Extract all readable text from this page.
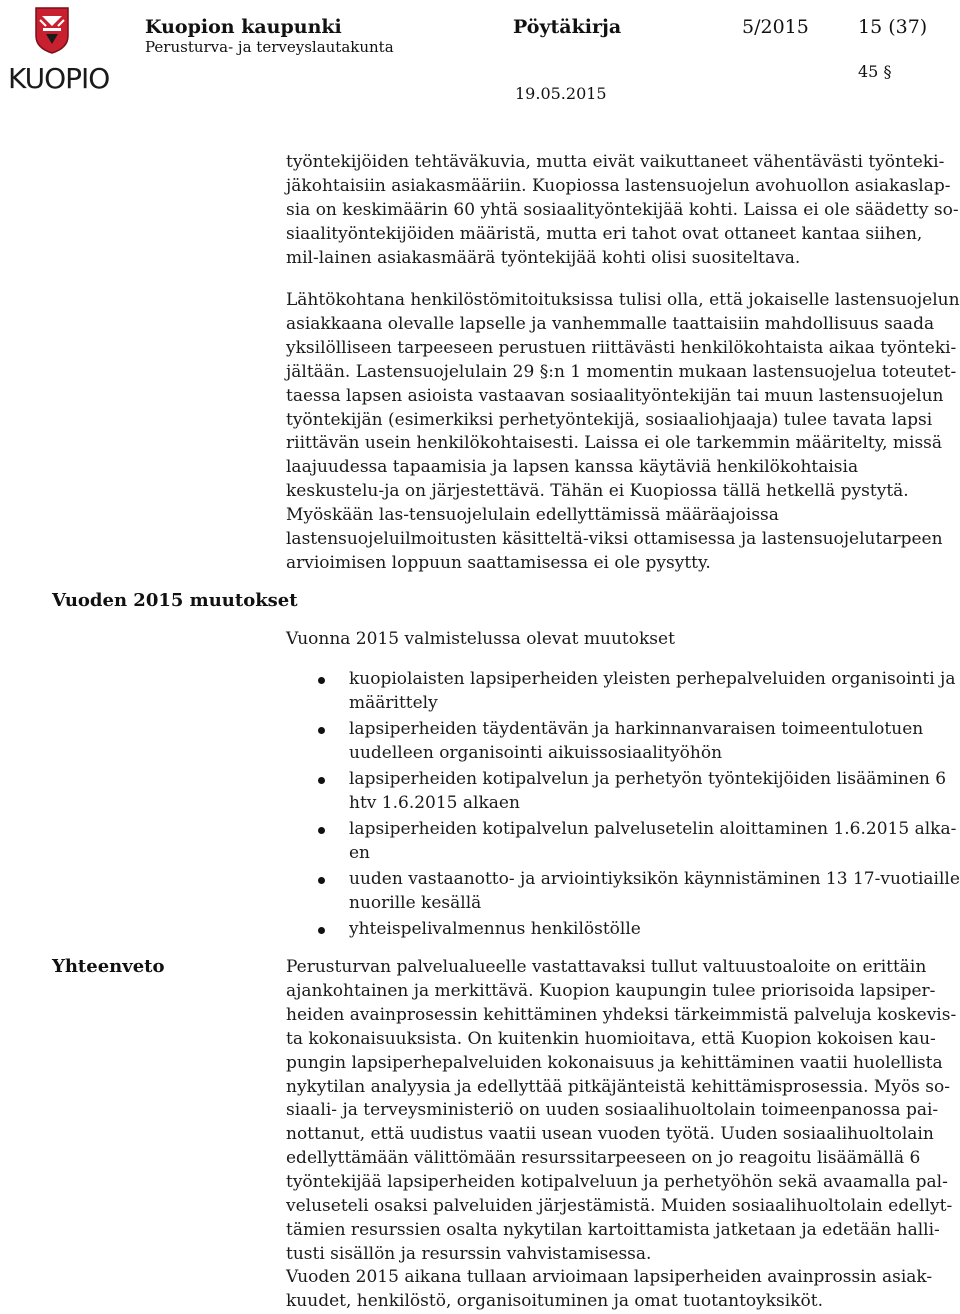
KUOPIO
Kuopion kaupunki
Perusturva- ja terveyslautakunta
Pöytäkirja	5/2015	15 (37)
45 §
19.05.2015

työntekijöiden tehtäväkuvia, mutta eivät vaikuttaneet vähentävästi työnteki-jäkohtaisiin asiakasmääriin. Kuopiossa lastensuojelun avohuollon asiakaslap-sia on keskimäärin 60 yhtä sosiaalityöntekijää kohti. Laissa ei ole säädetty so-siaalityöntekijöiden määristä, mutta eri tahot ovat ottaneet kantaa siihen, mil-lainen asiakasmäärä työntekijää kohti olisi suositeltava.

Lähtökohtana henkilöstömitoituksissa tulisi olla, että jokaiselle lastensuojelun asiakkaana olevalle lapselle ja vanhemmalle taattaisiin mahdollisuus saada yksilölliseen tarpeeseen perustuen riittävästi henkilökohtaista aikaa työnteki-jältään. Lastensuojelulain 29 §:n 1 momentin mukaan lastensuojelua toteutet-taessa lapsen asioista vastaavan sosiaalityöntekijän tai muun lastensuojelun työntekijän (esimerkiksi perhetyöntekijä, sosiaaliohjaaja) tulee tavata lapsi riittävän usein henkilökohtaisesti. Laissa ei ole tarkemmin määritelty, missä laajuudessa tapaamisia ja lapsen kanssa käytäviä henkilökohtaisia keskustelu-ja on järjestettävä. Tähän ei Kuopiossa tällä hetkellä pystytä. Myöskään las-tensuojelulain edellyttämissä määräajoissa lastensuojeluilmoitusten käsitteltä-viksi ottamisessa ja lastensuojelutarpeen arvioimisen loppuun saattamisessa ei ole pysytty.

Vuoden 2015 muutokset

Vuonna 2015 valmistelussa olevat muutokset

kuopiolaisten lapsiperheiden yleisten perhepalveluiden organisointi ja määrittely
lapsiperheiden täydentävän ja harkinnanvaraisen toimeentulotuen uudelleen organisointi aikuissosiaalityöhön
lapsiperheiden kotipalvelun ja perhetyön työntekijöiden lisääminen 6 htv 1.6.2015 alkaen
lapsiperheiden kotipalvelun palvelusetelin aloittaminen 1.6.2015 alka-en
uuden vastaanotto- ja arviointiyksikön käynnistäminen 13 17-vuotiaille nuorille kesällä
yhteispelivalmennus henkilöstölle
Yhteenveto	Perusturvan palvelualueelle vastattavaksi tullut valtuustoaloite on erittäin ajankohtainen ja merkittävä. Kuopion kaupungin tulee priorisoida lapsiper-heiden avainprosessin kehittäminen yhdeksi tärkeimmistä palveluja koskevis-ta kokonaisuuksista. On kuitenkin huomioitava, että Kuopion kokoisen kau-pungin lapsiperhepalveluiden kokonaisuus ja kehittäminen vaatii huolellista nykytilan analyysia ja edellyttää pitkäjänteistä kehittämisprosessia. Myös so-siaali- ja terveysministeriö on uuden sosiaalihuoltolain toimeenpanossa pai-nottanut, että uudistus vaatii usean vuoden työtä. Uuden sosiaalihuoltolain edellyttämään välittömään resurssitarpeeseen on jo reagoitu lisäämällä 6 työntekijää lapsiperheiden kotipalveluun ja perhetyöhön sekä avaamalla pal-veluseteli osaksi palveluiden järjestämistä. Muiden sosiaalihuoltolain edellyt-tämien resurssien osalta nykytilan kartoittamista jatketaan ja edetään halli-tusti sisällön ja resurssin vahvistamisessa.

Vuoden 2015 aikana tullaan arvioimaan lapsiperheiden avainprossin asiak-kuudet, henkilöstö, organisoituminen ja omat tuotantoyksiköt.
